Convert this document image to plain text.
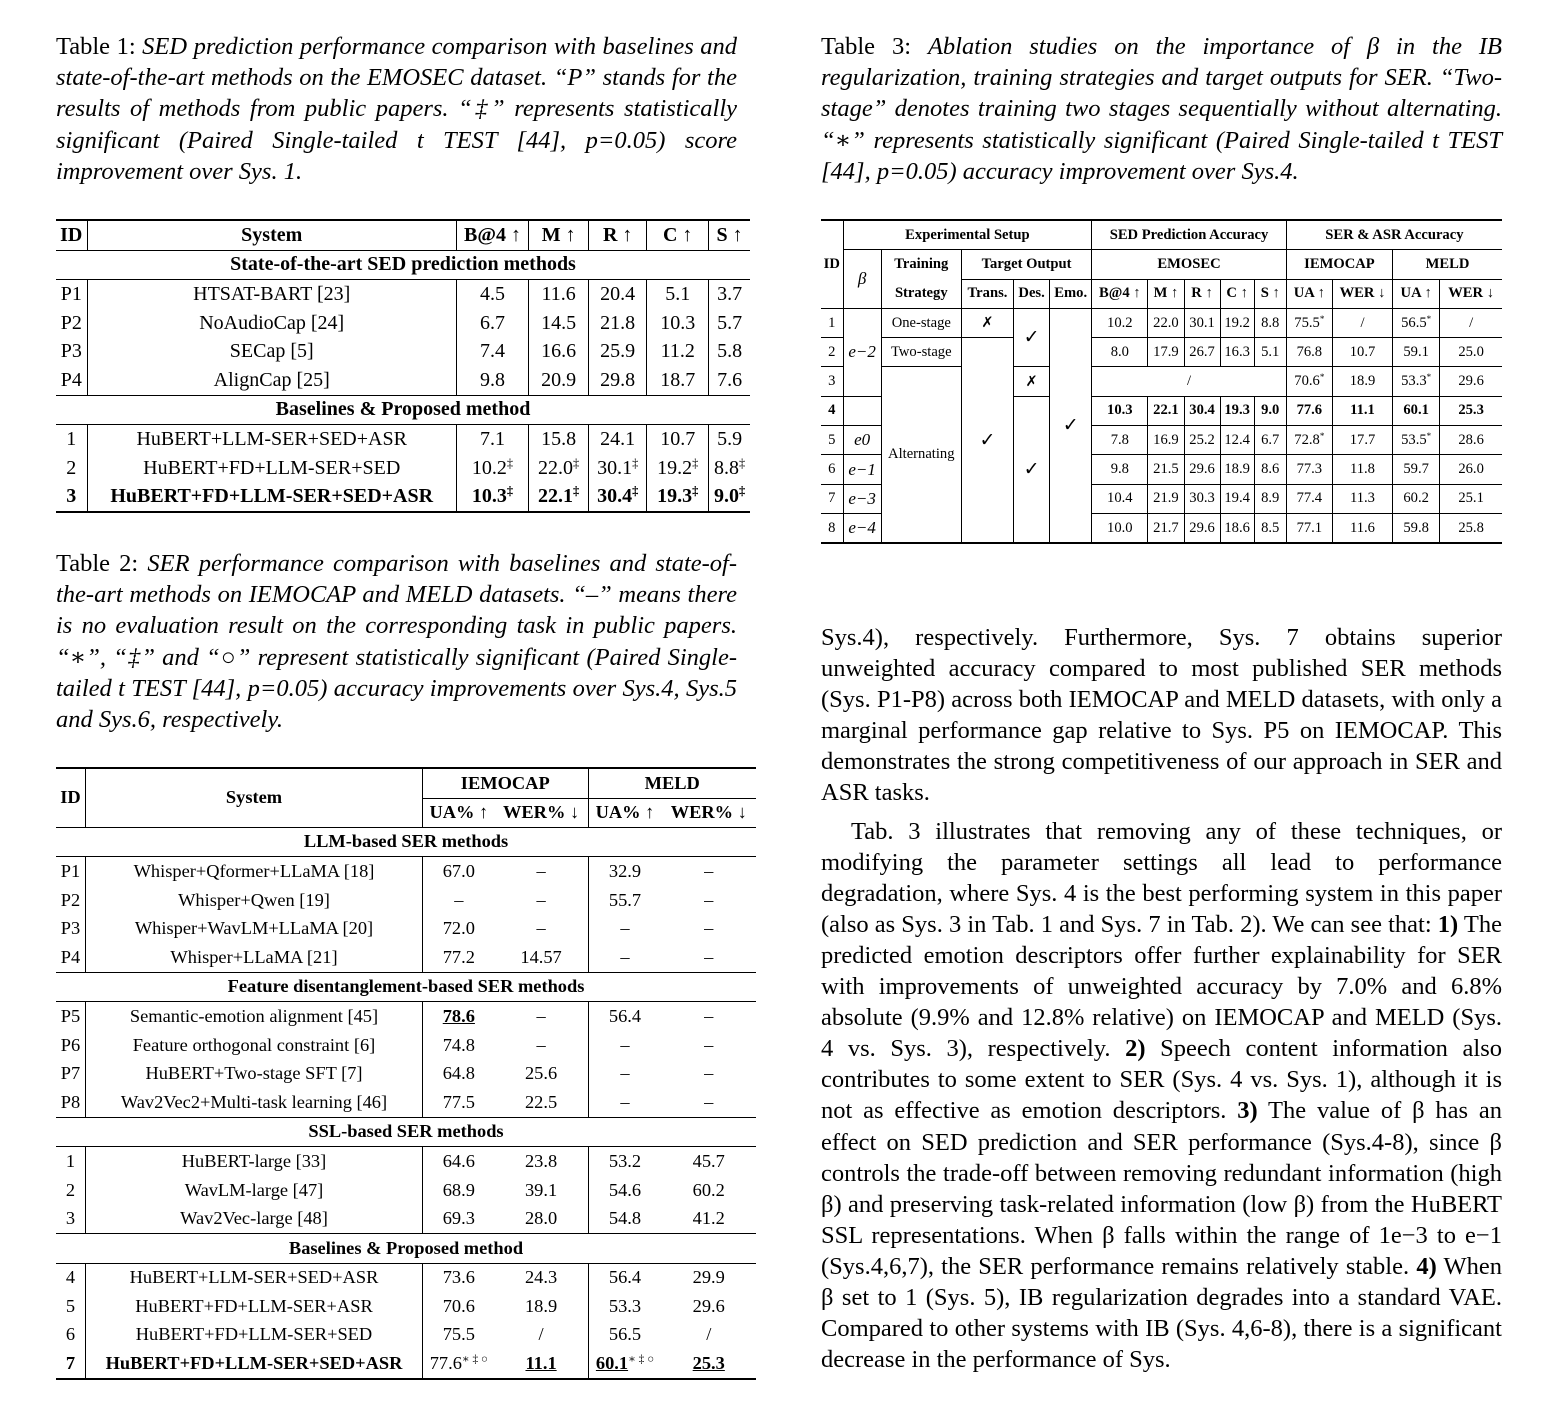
Table 1: SED prediction performance comparison with baselines and state-of-the-art methods on the EMOSEC dataset. “P” stands for the results of methods from public papers. “‡” represents statistically significant (Paired Single-tailed t TEST [44], p=0.05) score improvement over Sys. 1.

ID	System	B@4 ↑	M ↑	R ↑	C ↑	S ↑
State-of-the-art SED prediction methods						
P1	HTSAT-BART [23]	4.5	11.6	20.4	5.1	3.7
P2	NoAudioCap [24]	6.7	14.5	21.8	10.3	5.7
P3	SECap [5]	7.4	16.6	25.9	11.2	5.8
P4	AlignCap [25]	9.8	20.9	29.8	18.7	7.6
Baselines & Proposed method						
1	HuBERT+LLM-SER+SED+ASR	7.1	15.8	24.1	10.7	5.9
2	HuBERT+FD+LLM-SER+SED	10.2‡	22.0‡	30.1‡	19.2‡	8.8‡
3	HuBERT+FD+LLM-SER+SED+ASR	10.3‡	22.1‡	30.4‡	19.3‡	9.0‡

Table 2: SER performance comparison with baselines and state-of-the-art methods on IEMOCAP and MELD datasets. “–” means there is no evaluation result on the corresponding task in public papers. “∗”, “‡” and “○” represent statistically significant (Paired Single-tailed t TEST [44], p=0.05) accuracy improvements over Sys.4, Sys.5 and Sys.6, respectively.

ID	System	IEMOCAP		MELD	
		UA% ↑	WER% ↓	UA% ↑	WER% ↓
LLM-based SER methods					
P1	Whisper+Qformer+LLaMA [18]	67.0	–	32.9	–
P2	Whisper+Qwen [19]	–	–	55.7	–
P3	Whisper+WavLM+LLaMA [20]	72.0	–	–	–
P4	Whisper+LLaMA [21]	77.2	14.57	–	–
Feature disentanglement-based SER methods					
P5	Semantic-emotion alignment [45]	78.6	–	56.4	–
P6	Feature orthogonal constraint [6]	74.8	–	–	–
P7	HuBERT+Two-stage SFT [7]	64.8	25.6	–	–
P8	Wav2Vec2+Multi-task learning [46]	77.5	22.5	–	–
SSL-based SER methods					
1	HuBERT-large [33]	64.6	23.8	53.2	45.7
2	WavLM-large [47]	68.9	39.1	54.6	60.2
3	Wav2Vec-large [48]	69.3	28.0	54.8	41.2
Baselines & Proposed method					
4	HuBERT+LLM-SER+SED+ASR	73.6	24.3	56.4	29.9
5	HuBERT+FD+LLM-SER+ASR	70.6	18.9	53.3	29.6
6	HuBERT+FD+LLM-SER+SED	75.5	/	56.5	/
7	HuBERT+FD+LLM-SER+SED+ASR	77.6∗ ‡ ○	11.1	60.1∗ ‡ ○	25.3

Table 3: Ablation studies on the importance of β in the IB regularization, training strategies and target outputs for SER. “Two-stage” denotes training two stages sequentially without alternating. “∗” represents statistically significant (Paired Single-tailed t TEST [44], p=0.05) accuracy improvement over Sys.4.

ID	Experimental Setup					SED Prediction Accuracy					SER & ASR Accuracy			
	β	Training	Target Output			EMOSEC					IEMOCAP		MELD	
		Strategy	Trans.	Des.	Emo.	B@4 ↑	M ↑	R ↑	C ↑	S ↑	UA ↑	WER ↓	UA ↑	WER ↓
1	e−2	One-stage	✗	✓	✓	10.2	22.0	30.1	19.2	8.8	75.5*	/	56.5*	/
2		Two-stage	✓			8.0	17.9	26.7	16.3	5.1	76.8	10.7	59.1	25.0
3		Alternating		✗		/					70.6*	18.9	53.3*	29.6
4				✓		10.3	22.1	30.4	19.3	9.0	77.6	11.1	60.1	25.3
5	e0					7.8	16.9	25.2	12.4	6.7	72.8*	17.7	53.5*	28.6
6	e−1					9.8	21.5	29.6	18.9	8.6	77.3	11.8	59.7	26.0
7	e−3					10.4	21.9	30.3	19.4	8.9	77.4	11.3	60.2	25.1
8	e−4					10.0	21.7	29.6	18.6	8.5	77.1	11.6	59.8	25.8

Sys.4), respectively. Furthermore, Sys. 7 obtains superior unweighted accuracy compared to most published SER methods (Sys. P1-P8) across both IEMOCAP and MELD datasets, with only a marginal performance gap relative to Sys. P5 on IEMOCAP. This demonstrates the strong competitiveness of our approach in SER and ASR tasks.

Tab. 3 illustrates that removing any of these techniques, or modifying the parameter settings all lead to performance degradation, where Sys. 4 is the best performing system in this paper (also as Sys. 3 in Tab. 1 and Sys. 7 in Tab. 2). We can see that: 1) The predicted emotion descriptors offer further explainability for SER with improvements of unweighted accuracy by 7.0% and 6.8% absolute (9.9% and 12.8% relative) on IEMOCAP and MELD (Sys. 4 vs. Sys. 3), respectively. 2) Speech content information also contributes to some extent to SER (Sys. 4 vs. Sys. 1), although it is not as effective as emotion descriptors. 3) The value of β has an effect on SED prediction and SER performance (Sys.4-8), since β controls the trade-off between removing redundant information (high β) and preserving task-related information (low β) from the HuBERT SSL representations. When β falls within the range of 1e−3 to e−1 (Sys.4,6,7), the SER performance remains relatively stable. 4) When β set to 1 (Sys. 5), IB regularization degrades into a standard VAE. Compared to other systems with IB (Sys. 4,6-8), there is a significant decrease in the performance of Sys.
